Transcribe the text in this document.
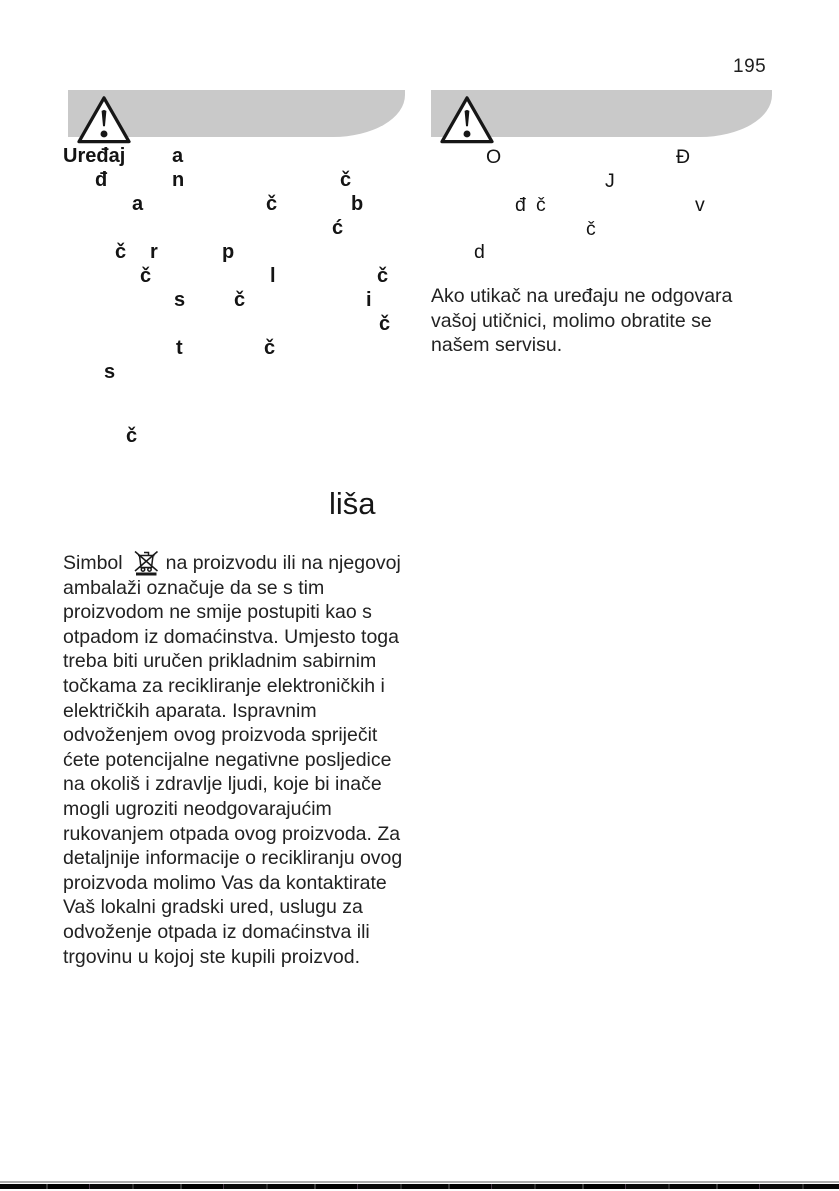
195
Uređaj a
đ	n	č
a	č	b
ć
č r	p
č	l	č
s č	i
č
t	č
s
č
O	Đ
J
đ č	v
č
d
Ako utikač na uređaju ne odgovara
vašoj utičnici, molimo obratite se
našem servisu.
liša
Simbol na proizvodu ili na njegovoj
ambalaži označuje da se s tim
proizvodom ne smije postupiti kao s
otpadom iz domaćinstva. Umjesto toga
treba biti uručen prikladnim sabirnim
točkama za recikliranje elektroničkih i
električkih aparata. Ispravnim
odvoženjem ovog proizvoda spriječit
ćete potencijalne negativne posljedice
na okoliš i zdravlje ljudi, koje bi inače
mogli ugroziti neodgovarajućim
rukovanjem otpada ovog proizvoda. Za
detaljnije informacije o recikliranju ovog
proizvoda molimo Vas da kontaktirate
Vaš lokalni gradski ured, uslugu za
odvoženje otpada iz domaćinstva ili
trgovinu u kojoj ste kupili proizvod.
